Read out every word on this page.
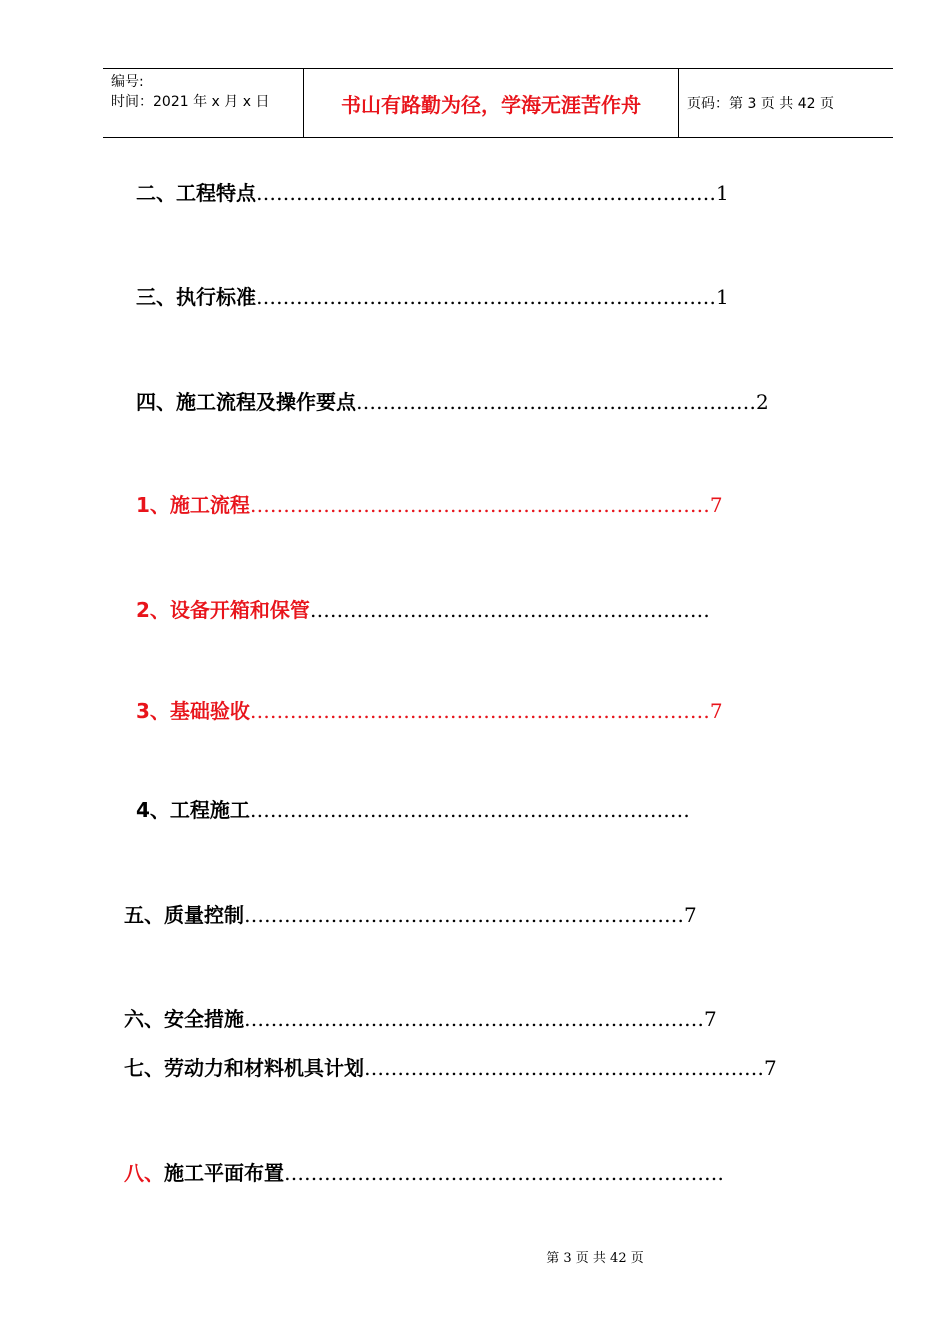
编号:
时间：2021 年 x 月 x 日	书山有路勤为径，学海无涯苦作舟	页码：第 3 页 共 42 页
二、工程特点 …………………………………………………………… 1
三、执行标准 …………………………………………………………… 1
四、施工流程及操作要点 …………………………………………………… 2
1、施工流程 …………………………………………………………… 7
2、设备开箱和保管 ……………………………………………………
3、基础验收 …………………………………………………………… 7
4、工程施工 …………………………………………………………
五、质量控制 ………………………………………………………… 7
六、安全措施 …………………………………………………………… 7
七、劳动力和材料机具计划 …………………………………………………… 7
八、施工平面布置 …………………………………………………………
第 3 页 共 42 页
